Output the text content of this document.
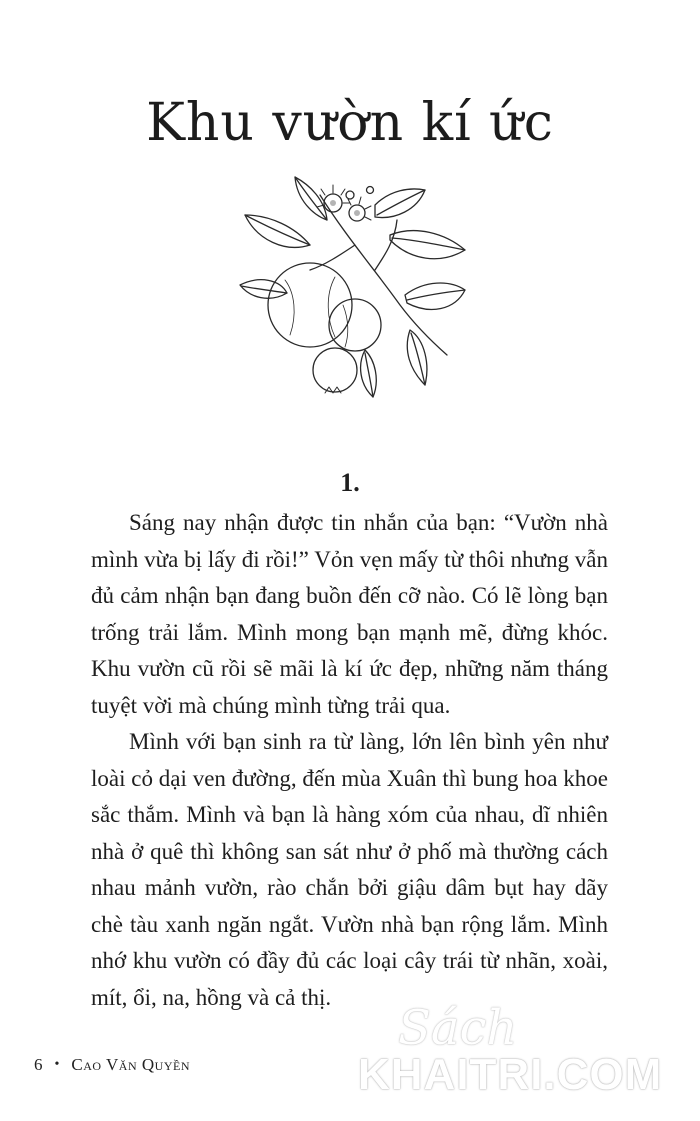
Khu vườn kí ức
1.

Sáng nay nhận được tin nhắn của bạn: “Vườn nhà mình vừa bị lấy đi rồi!” Vỏn vẹn mấy từ thôi nhưng vẫn đủ cảm nhận bạn đang buồn đến cỡ nào. Có lẽ lòng bạn trống trải lắm. Mình mong bạn mạnh mẽ, đừng khóc. Khu vườn cũ rồi sẽ mãi là kí ức đẹp, những năm tháng tuyệt vời mà chúng mình từng trải qua.

Mình với bạn sinh ra từ làng, lớn lên bình yên như loài cỏ dại ven đường, đến mùa Xuân thì bung hoa khoe sắc thắm. Mình và bạn là hàng xóm của nhau, dĩ nhiên nhà ở quê thì không san sát như ở phố mà thường cách nhau mảnh vườn, rào chắn bởi giậu dâm bụt hay dãy chè tàu xanh ngăn ngắt. Vườn nhà bạn rộng lắm. Mình nhớ khu vườn có đầy đủ các loại cây trái từ nhãn, xoài, mít, ổi, na, hồng và cả thị.

6 • Cao Văn Quyền
Sách
KHAITRI.COM
